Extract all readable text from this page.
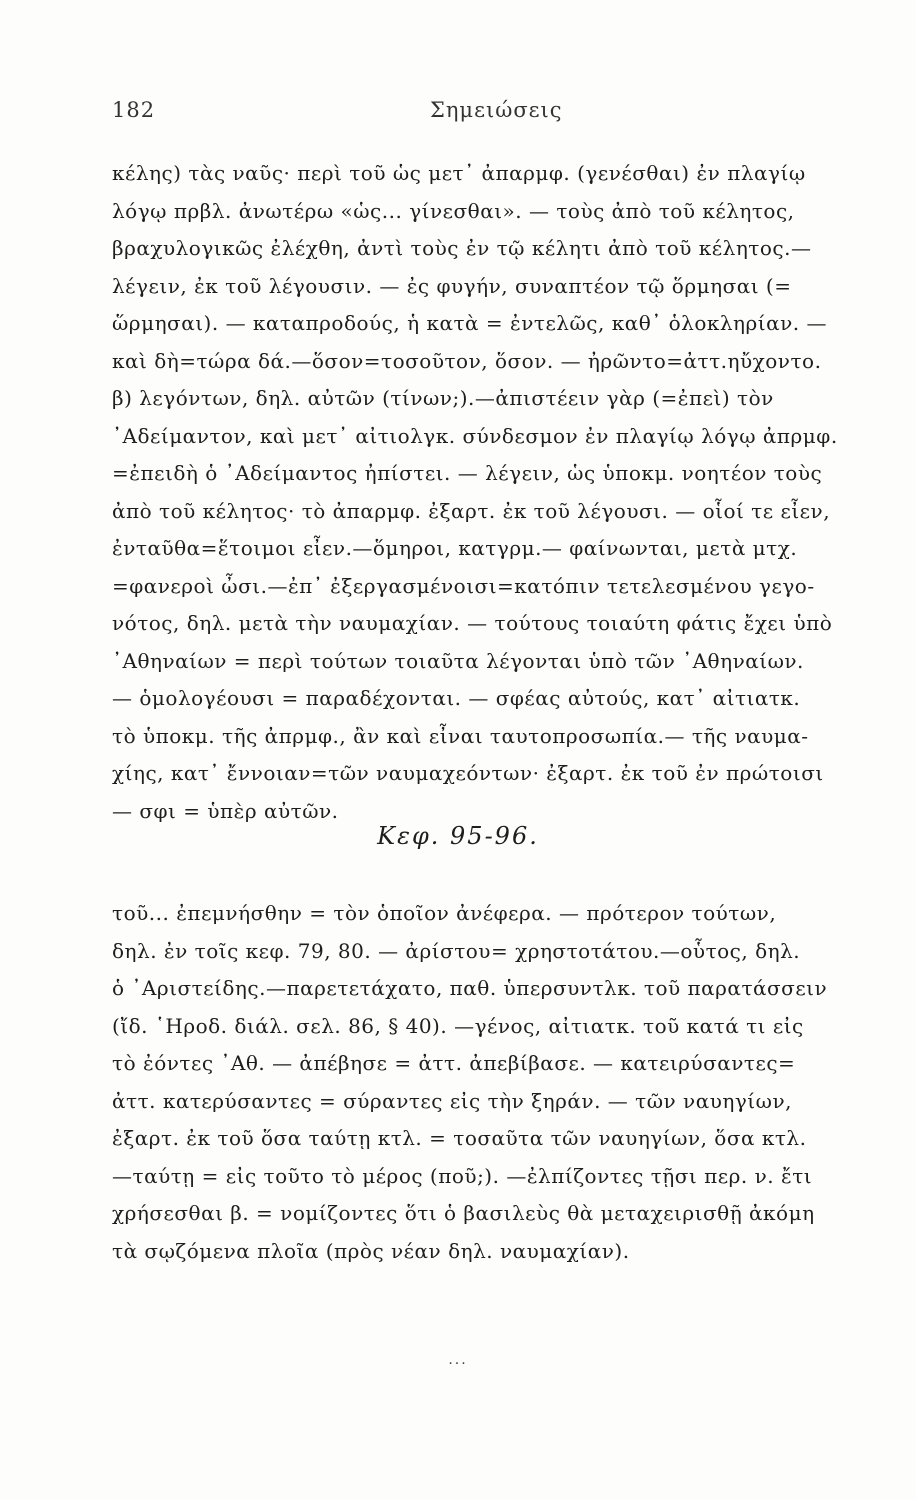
182	Σημειώσεις
κέλης) τὰς ναῦς· περὶ τοῦ ὡς μετ᾽ ἀπαρμφ. (γενέσθαι) ἐν πλαγίῳ
λόγῳ πρβλ. ἀνωτέρω «ὡς... γίνεσθαι». — τοὺς ἀπὸ τοῦ κέλητος,
βραχυλογικῶς ἐλέχθη, ἀντὶ τοὺς ἐν τῷ κέλητι ἀπὸ τοῦ κέλητος.—
λέγειν, ἐκ τοῦ λέγουσιν. — ἐς φυγήν, συναπτέον τῷ ὅρμησαι (=
ὥρμησαι). — καταπροδούς, ἡ κατὰ = ἐντελῶς, καθ᾽ ὁλοκληρίαν. —
καὶ δὴ=τώρα δά.—ὅσον=τοσοῦτον, ὅσον. — ἠρῶντο=ἀττ.ηὔχοντο.
β) λεγόντων, δηλ. αὐτῶν (τίνων;).—ἀπιστέειν γὰρ (=ἐπεὶ) τὸν
᾽Αδείμαντον, καὶ μετ᾽ αἰτιολγκ. σύνδεσμον ἐν πλαγίῳ λόγῳ ἀπρμφ.
=ἐπειδὴ ὁ ᾽Αδείμαντος ἠπίστει. — λέγειν, ὡς ὑποκμ. νοητέον τοὺς
ἀπὸ τοῦ κέλητος· τὸ ἀπαρμφ. ἐξαρτ. ἐκ τοῦ λέγουσι. — οἷοί τε εἶεν,
ἐνταῦθα=ἕτοιμοι εἶεν.—ὅμηροι, κατγρμ.— φαίνωνται, μετὰ μτχ.
=φανεροὶ ὦσι.—ἐπ᾽ ἐξεργασμένοισι=κατόπιν τετελεσμένου γεγο-
νότος, δηλ. μετὰ τὴν ναυμαχίαν. — τούτους τοιαύτη φάτις ἔχει ὑπὸ
᾽Αθηναίων = περὶ τούτων τοιαῦτα λέγονται ὑπὸ τῶν ᾽Αθηναίων.
— ὁμολογέουσι = παραδέχονται. — σφέας αὐτούς, κατ᾽ αἰτιατκ.
τὸ ὑποκμ. τῆς ἀπρμφ., ἂν καὶ εἶναι ταυτοπροσωπία.— τῆς ναυμα-
χίης, κατ᾽ ἔννοιαν=τῶν ναυμαχεόντων· ἐξαρτ. ἐκ τοῦ ἐν πρώτοισι
— σφι = ὑπὲρ αὐτῶν.
Κεφ. 95-96.
τοῦ... ἐπεμνήσθην = τὸν ὁποῖον ἀνέφερα. — πρότερον τούτων,
δηλ. ἐν τοῖς κεφ. 79, 80. — ἀρίστου= χρηστοτάτου.—οὗτος, δηλ.
ὁ ᾽Αριστείδης.—παρετετάχατο, παθ. ὑπερσυντλκ. τοῦ παρατάσσειν
(ἴδ. ῾Ηροδ. διάλ. σελ. 86, § 40). —γένος, αἰτιατκ. τοῦ κατά τι εἰς
τὸ ἐόντες ᾽Αθ. — ἀπέβησε = ἀττ. ἀπεβίβασε. — κατειρύσαντες=
ἀττ. κατερύσαντες = σύραντες εἰς τὴν ξηράν. — τῶν ναυηγίων,
ἐξαρτ. ἐκ τοῦ ὅσα ταύτῃ κτλ. = τοσαῦτα τῶν ναυηγίων, ὅσα κτλ.
—ταύτῃ = εἰς τοῦτο τὸ μέρος (ποῦ;). —ἐλπίζοντες τῇσι περ. ν. ἔτι
χρήσεσθαι β. = νομίζοντες ὅτι ὁ βασιλεὺς θὰ μεταχειρισθῇ ἀκόμη
τὰ σῳζόμενα πλοῖα (πρὸς νέαν δηλ. ναυμαχίαν).
...
